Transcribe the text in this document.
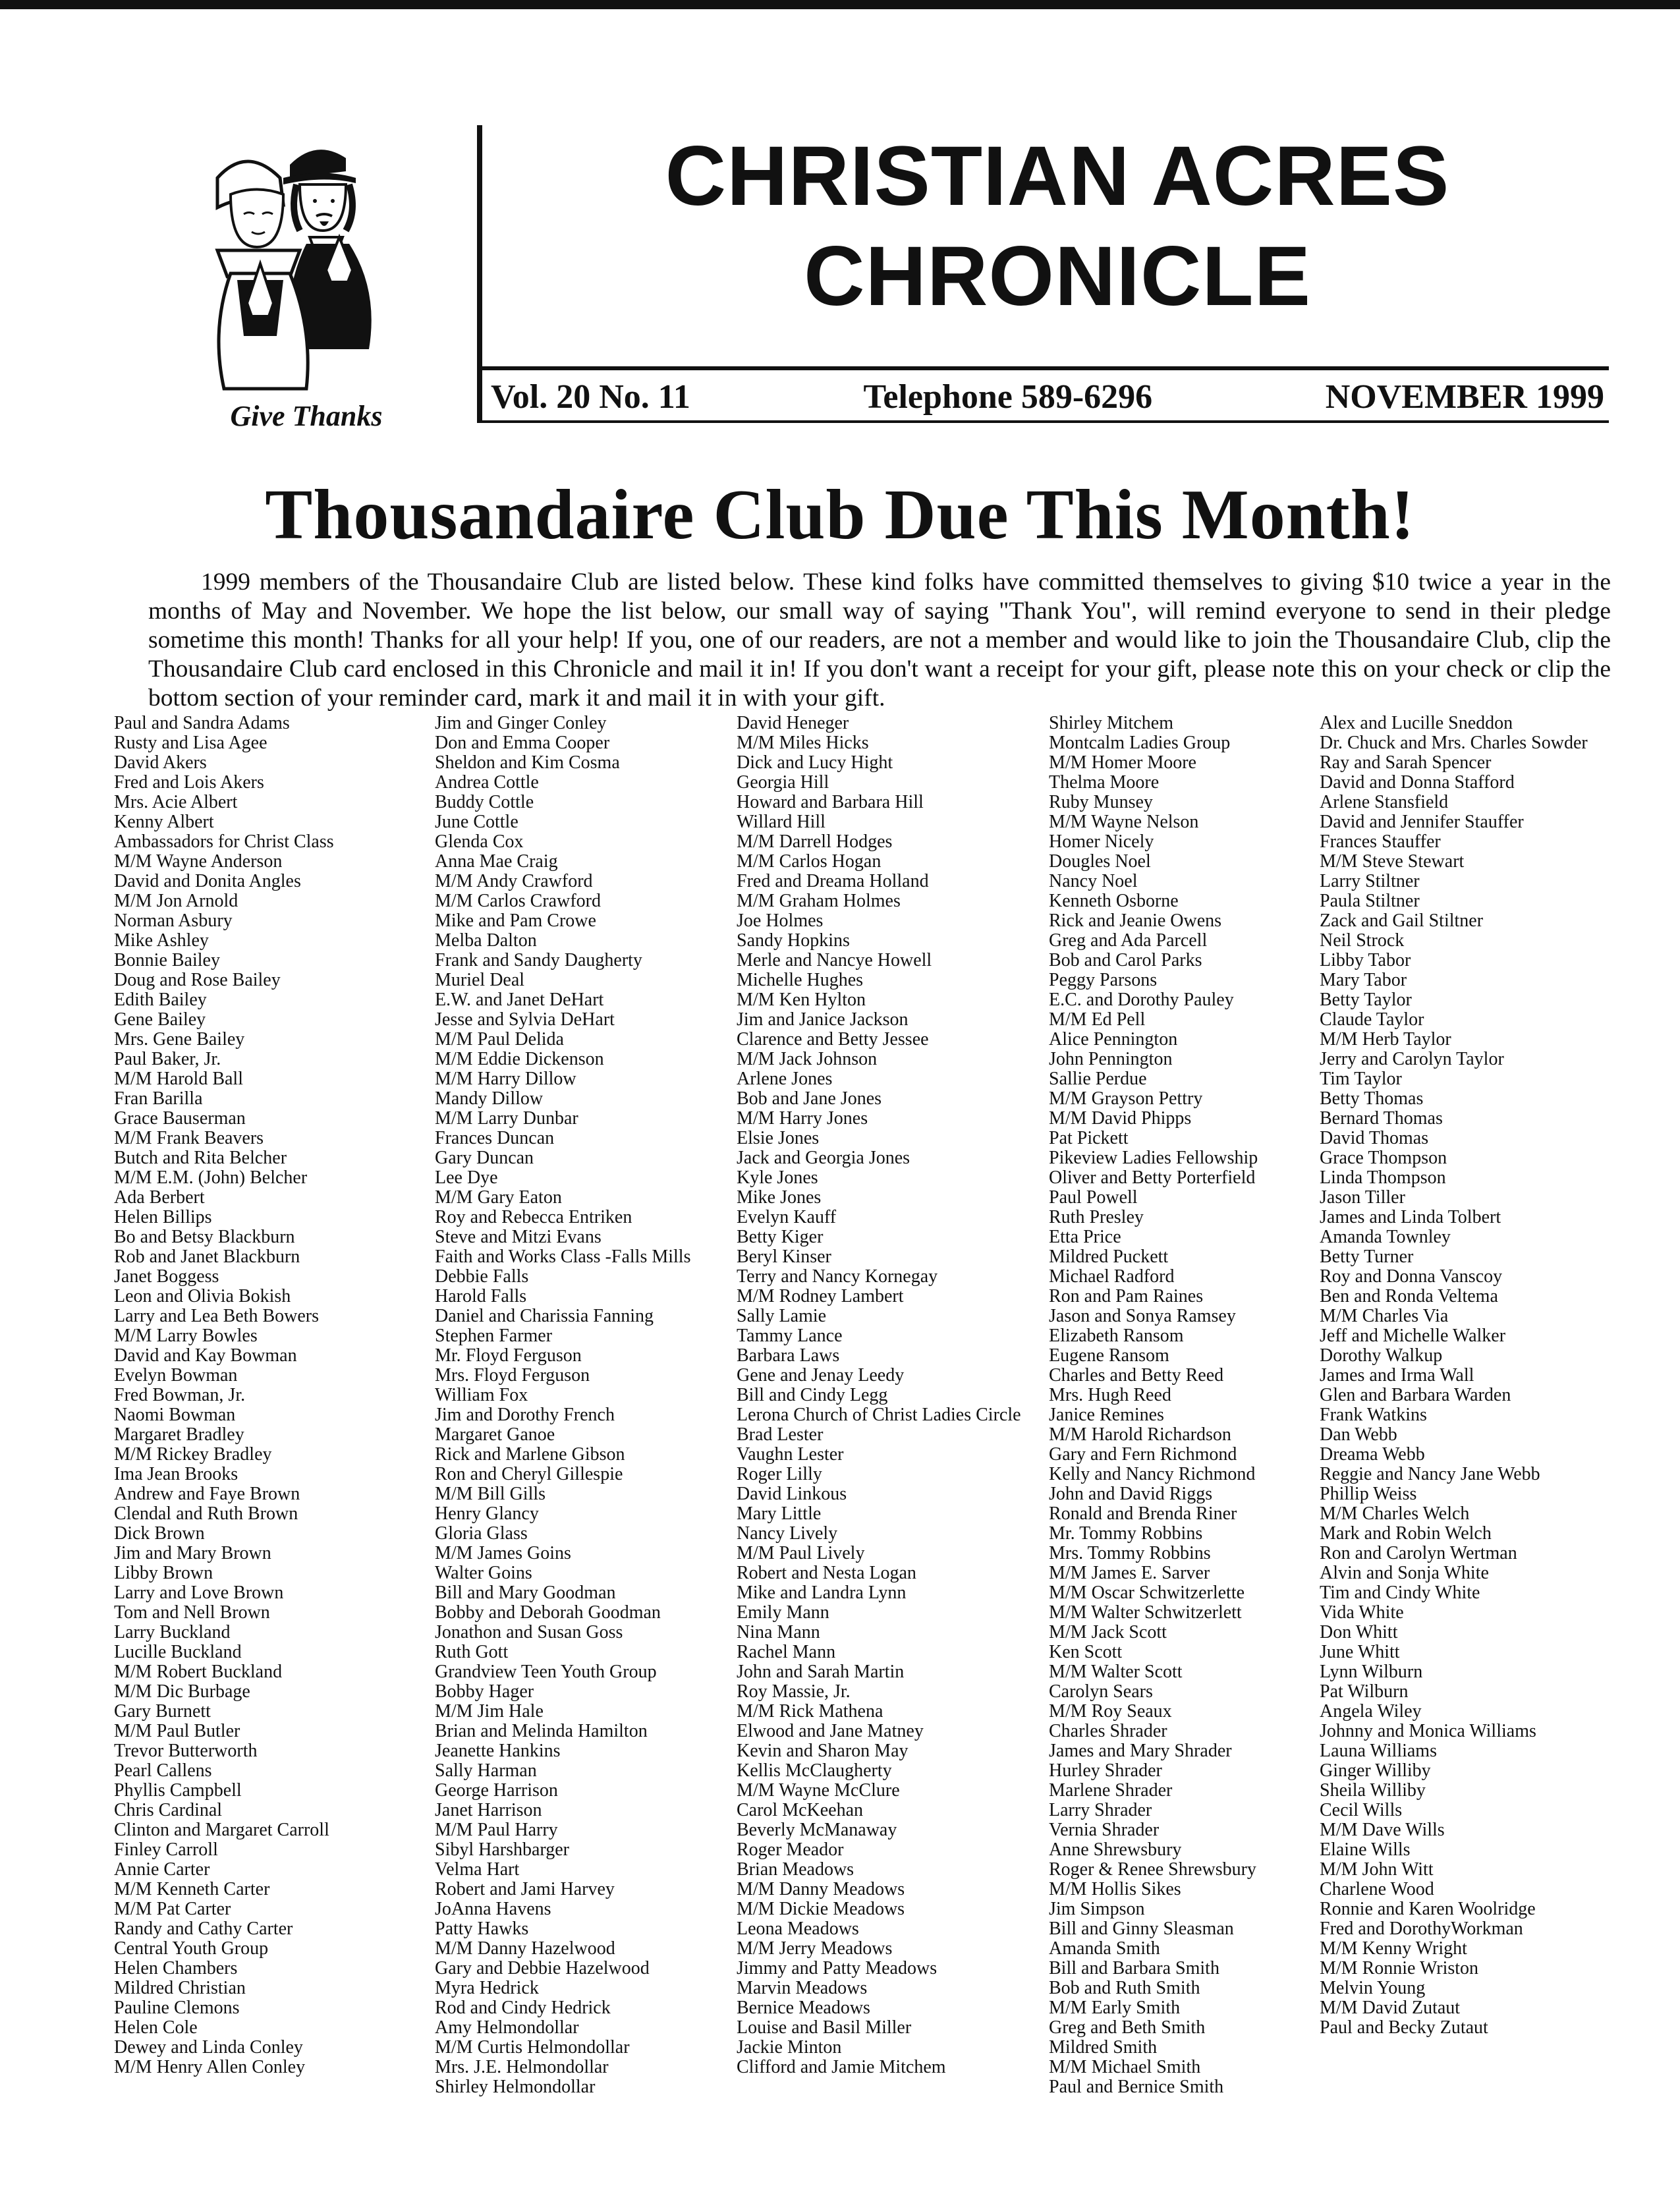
Give Thanks
CHRISTIAN ACRES
CHRONICLE
Vol. 20 No. 11	Telephone 589-6296	NOVEMBER 1999
Thousandaire Club Due This Month!
1999 members of the Thousandaire Club are listed below. These kind folks have committed themselves to giving $10 twice a year in the months of May and November. We hope the list below, our small way of saying "Thank You", will remind everyone to send in their pledge sometime this month! Thanks for all your help! If you, one of our readers, are not a member and would like to join the Thousandaire Club, clip the Thousandaire Club card enclosed in this Chronicle and mail it in! If you don't want a receipt for your gift, please note this on your check or clip the bottom section of your reminder card, mark it and mail it in with your gift.
Paul and Sandra Adams
Rusty and Lisa Agee
David Akers
Fred and Lois Akers
Mrs. Acie Albert
Kenny Albert
Ambassadors for Christ Class
M/M Wayne Anderson
David and Donita Angles
M/M Jon Arnold
Norman Asbury
Mike Ashley
Bonnie Bailey
Doug and Rose Bailey
Edith Bailey
Gene Bailey
Mrs. Gene Bailey
Paul Baker, Jr.
M/M Harold Ball
Fran Barilla
Grace Bauserman
M/M Frank Beavers
Butch and Rita Belcher
M/M E.M. (John) Belcher
Ada Berbert
Helen Billips
Bo and Betsy Blackburn
Rob and Janet Blackburn
Janet Boggess
Leon and Olivia Bokish
Larry and Lea Beth Bowers
M/M Larry Bowles
David and Kay Bowman
Evelyn Bowman
Fred Bowman, Jr.
Naomi Bowman
Margaret Bradley
M/M Rickey Bradley
Ima Jean Brooks
Andrew and Faye Brown
Clendal and Ruth Brown
Dick Brown
Jim and Mary Brown
Libby Brown
Larry and Love Brown
Tom and Nell Brown
Larry Buckland
Lucille Buckland
M/M Robert Buckland
M/M Dic Burbage
Gary Burnett
M/M Paul Butler
Trevor Butterworth
Pearl Callens
Phyllis Campbell
Chris Cardinal
Clinton and Margaret Carroll
Finley Carroll
Annie Carter
M/M Kenneth Carter
M/M Pat Carter
Randy and Cathy Carter
Central Youth Group
Helen Chambers
Mildred Christian
Pauline Clemons
Helen Cole
Dewey and Linda Conley
M/M Henry Allen Conley
Jim and Ginger Conley
Don and Emma Cooper
Sheldon and Kim Cosma
Andrea Cottle
Buddy Cottle
June Cottle
Glenda Cox
Anna Mae Craig
M/M Andy Crawford
M/M Carlos Crawford
Mike and Pam Crowe
Melba Dalton
Frank and Sandy Daugherty
Muriel Deal
E.W. and Janet DeHart
Jesse and Sylvia DeHart
M/M Paul Delida
M/M Eddie Dickenson
M/M Harry Dillow
Mandy Dillow
M/M Larry Dunbar
Frances Duncan
Gary Duncan
Lee Dye
M/M Gary Eaton
Roy and Rebecca Entriken
Steve and Mitzi Evans
Faith and Works Class -Falls Mills
Debbie Falls
Harold Falls
Daniel and Charissia Fanning
Stephen Farmer
Mr. Floyd Ferguson
Mrs. Floyd Ferguson
William Fox
Jim and Dorothy French
Margaret Ganoe
Rick and Marlene Gibson
Ron and Cheryl Gillespie
M/M Bill Gills
Henry Glancy
Gloria Glass
M/M James Goins
Walter Goins
Bill and Mary Goodman
Bobby and Deborah Goodman
Jonathon and Susan Goss
Ruth Gott
Grandview Teen Youth Group
Bobby Hager
M/M Jim Hale
Brian and Melinda Hamilton
Jeanette Hankins
Sally Harman
George Harrison
Janet Harrison
M/M Paul Harry
Sibyl Harshbarger
Velma Hart
Robert and Jami Harvey
JoAnna Havens
Patty Hawks
M/M Danny Hazelwood
Gary and Debbie Hazelwood
Myra Hedrick
Rod and Cindy Hedrick
Amy Helmondollar
M/M Curtis Helmondollar
Mrs. J.E. Helmondollar
Shirley Helmondollar
David Heneger
M/M Miles Hicks
Dick and Lucy Hight
Georgia Hill
Howard and Barbara Hill
Willard Hill
M/M Darrell Hodges
M/M Carlos Hogan
Fred and Dreama Holland
M/M Graham Holmes
Joe Holmes
Sandy Hopkins
Merle and Nancye Howell
Michelle Hughes
M/M Ken Hylton
Jim and Janice Jackson
Clarence and Betty Jessee
M/M Jack Johnson
Arlene Jones
Bob and Jane Jones
M/M Harry Jones
Elsie Jones
Jack and Georgia Jones
Kyle Jones
Mike Jones
Evelyn Kauff
Betty Kiger
Beryl Kinser
Terry and Nancy Kornegay
M/M Rodney Lambert
Sally Lamie
Tammy Lance
Barbara Laws
Gene and Jenay Leedy
Bill and Cindy Legg
Lerona Church of Christ Ladies Circle
Brad Lester
Vaughn Lester
Roger Lilly
David Linkous
Mary Little
Nancy Lively
M/M Paul Lively
Robert and Nesta Logan
Mike and Landra Lynn
Emily Mann
Nina Mann
Rachel Mann
John and Sarah Martin
Roy Massie, Jr.
M/M Rick Mathena
Elwood and Jane Matney
Kevin and Sharon May
Kellis McClaugherty
M/M Wayne McClure
Carol McKeehan
Beverly McManaway
Roger Meador
Brian Meadows
M/M Danny Meadows
M/M Dickie Meadows
Leona Meadows
M/M Jerry Meadows
Jimmy and Patty Meadows
Marvin Meadows
Bernice Meadows
Louise and Basil Miller
Jackie Minton
Clifford and Jamie Mitchem
Shirley Mitchem
Montcalm Ladies Group
M/M Homer Moore
Thelma Moore
Ruby Munsey
M/M Wayne Nelson
Homer Nicely
Dougles Noel
Nancy Noel
Kenneth Osborne
Rick and Jeanie Owens
Greg and Ada Parcell
Bob and Carol Parks
Peggy Parsons
E.C. and Dorothy Pauley
M/M Ed Pell
Alice Pennington
John Pennington
Sallie Perdue
M/M Grayson Pettry
M/M David Phipps
Pat Pickett
Pikeview Ladies Fellowship
Oliver and Betty Porterfield
Paul Powell
Ruth Presley
Etta Price
Mildred Puckett
Michael Radford
Ron and Pam Raines
Jason and Sonya Ramsey
Elizabeth Ransom
Eugene Ransom
Charles and Betty Reed
Mrs. Hugh Reed
Janice Remines
M/M Harold Richardson
Gary and Fern Richmond
Kelly and Nancy Richmond
John and David Riggs
Ronald and Brenda Riner
Mr. Tommy Robbins
Mrs. Tommy Robbins
M/M James E. Sarver
M/M Oscar Schwitzerlette
M/M Walter Schwitzerlett
M/M Jack Scott
Ken Scott
M/M Walter Scott
Carolyn Sears
M/M Roy Seaux
Charles Shrader
James and Mary Shrader
Hurley Shrader
Marlene Shrader
Larry Shrader
Vernia Shrader
Anne Shrewsbury
Roger & Renee Shrewsbury
M/M Hollis Sikes
Jim Simpson
Bill and Ginny Sleasman
Amanda Smith
Bill and Barbara Smith
Bob and Ruth Smith
M/M Early Smith
Greg and Beth Smith
Mildred Smith
M/M Michael Smith
Paul and Bernice Smith
Alex and Lucille Sneddon
Dr. Chuck and Mrs. Charles Sowder
Ray and Sarah Spencer
David and Donna Stafford
Arlene Stansfield
David and Jennifer Stauffer
Frances Stauffer
M/M Steve Stewart
Larry Stiltner
Paula Stiltner
Zack and Gail Stiltner
Neil Strock
Libby Tabor
Mary Tabor
Betty Taylor
Claude Taylor
M/M Herb Taylor
Jerry and Carolyn Taylor
Tim Taylor
Betty Thomas
Bernard Thomas
David Thomas
Grace Thompson
Linda Thompson
Jason Tiller
James and Linda Tolbert
Amanda Townley
Betty Turner
Roy and Donna Vanscoy
Ben and Ronda Veltema
M/M Charles Via
Jeff and Michelle Walker
Dorothy Walkup
James and Irma Wall
Glen and Barbara Warden
Frank Watkins
Dan Webb
Dreama Webb
Reggie and Nancy Jane Webb
Phillip Weiss
M/M Charles Welch
Mark and Robin Welch
Ron and Carolyn Wertman
Alvin and Sonja White
Tim and Cindy White
Vida White
Don Whitt
June Whitt
Lynn Wilburn
Pat Wilburn
Angela Wiley
Johnny and Monica Williams
Launa Williams
Ginger Williby
Sheila Williby
Cecil Wills
M/M Dave Wills
Elaine Wills
M/M John Witt
Charlene Wood
Ronnie and Karen Woolridge
Fred and DorothyWorkman
M/M Kenny Wright
M/M Ronnie Wriston
Melvin Young
M/M David Zutaut
Paul and Becky Zutaut
